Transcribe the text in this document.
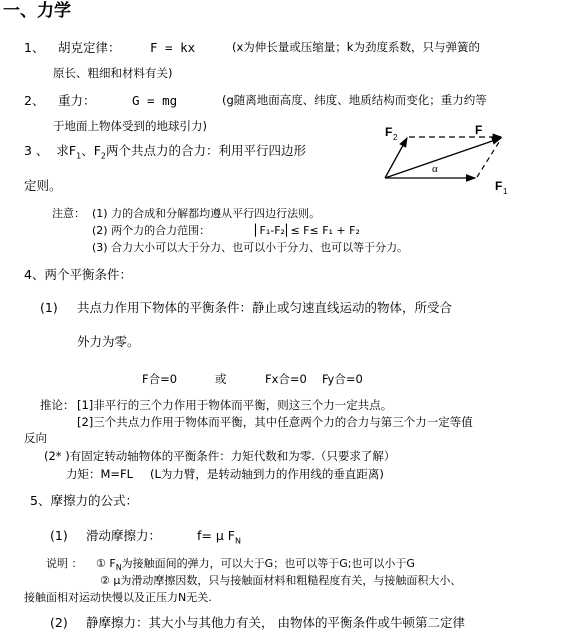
一、力学
1、 胡克定律： F = kx	(x为伸长量或压缩量；k为劲度系数，只与弹簧的
原长、粗细和材料有关)
2、 重力：	G = mg	(g随离地面高度、纬度、地质结构而变化；重力约等
于地面上物体受到的地球引力)
3 、 求$F_1$、$F_2$两个共点力的合力：利用平行四边形
定则。
F 2
F
α
F 1
注意： (1) 力的合成和分解都均遵从平行四边行法则。
(2) 两个力的合力范围：	⎢F₁-F₂⎢≤ F≤ F₁ + F₂
(3) 合力大小可以大于分力、也可以小于分力、也可以等于分力。
4、两个平衡条件：
(1) 共点力作用下物体的平衡条件：静止或匀速直线运动的物体，所受合
外力为零。
F合=0	或	Fx合=0 Fy合=0
推论： [1]非平行的三个力作用于物体而平衡，则这三个力一定共点。
[2]三个共点力作用于物体而平衡，其中任意两个力的合力与第三个力一定等值
反向
(2* )有固定转动轴物体的平衡条件：力矩代数和为零.（只要求了解）
力矩：M=FL (L为力臂，是转动轴到力的作用线的垂直距离)
5、摩擦力的公式：
(1) 滑动摩擦力：	f= μ $F_N$
说明 ： ① $F_N$为接触面间的弹力，可以大于G；也可以等于G;也可以小于G
② μ为滑动摩擦因数，只与接触面材料和粗糙程度有关，与接触面积大小、
接触面相对运动快慢以及正压力N无关.
(2) 静摩擦力：其大小与其他力有关， 由物体的平衡条件或牛顿第二定律
